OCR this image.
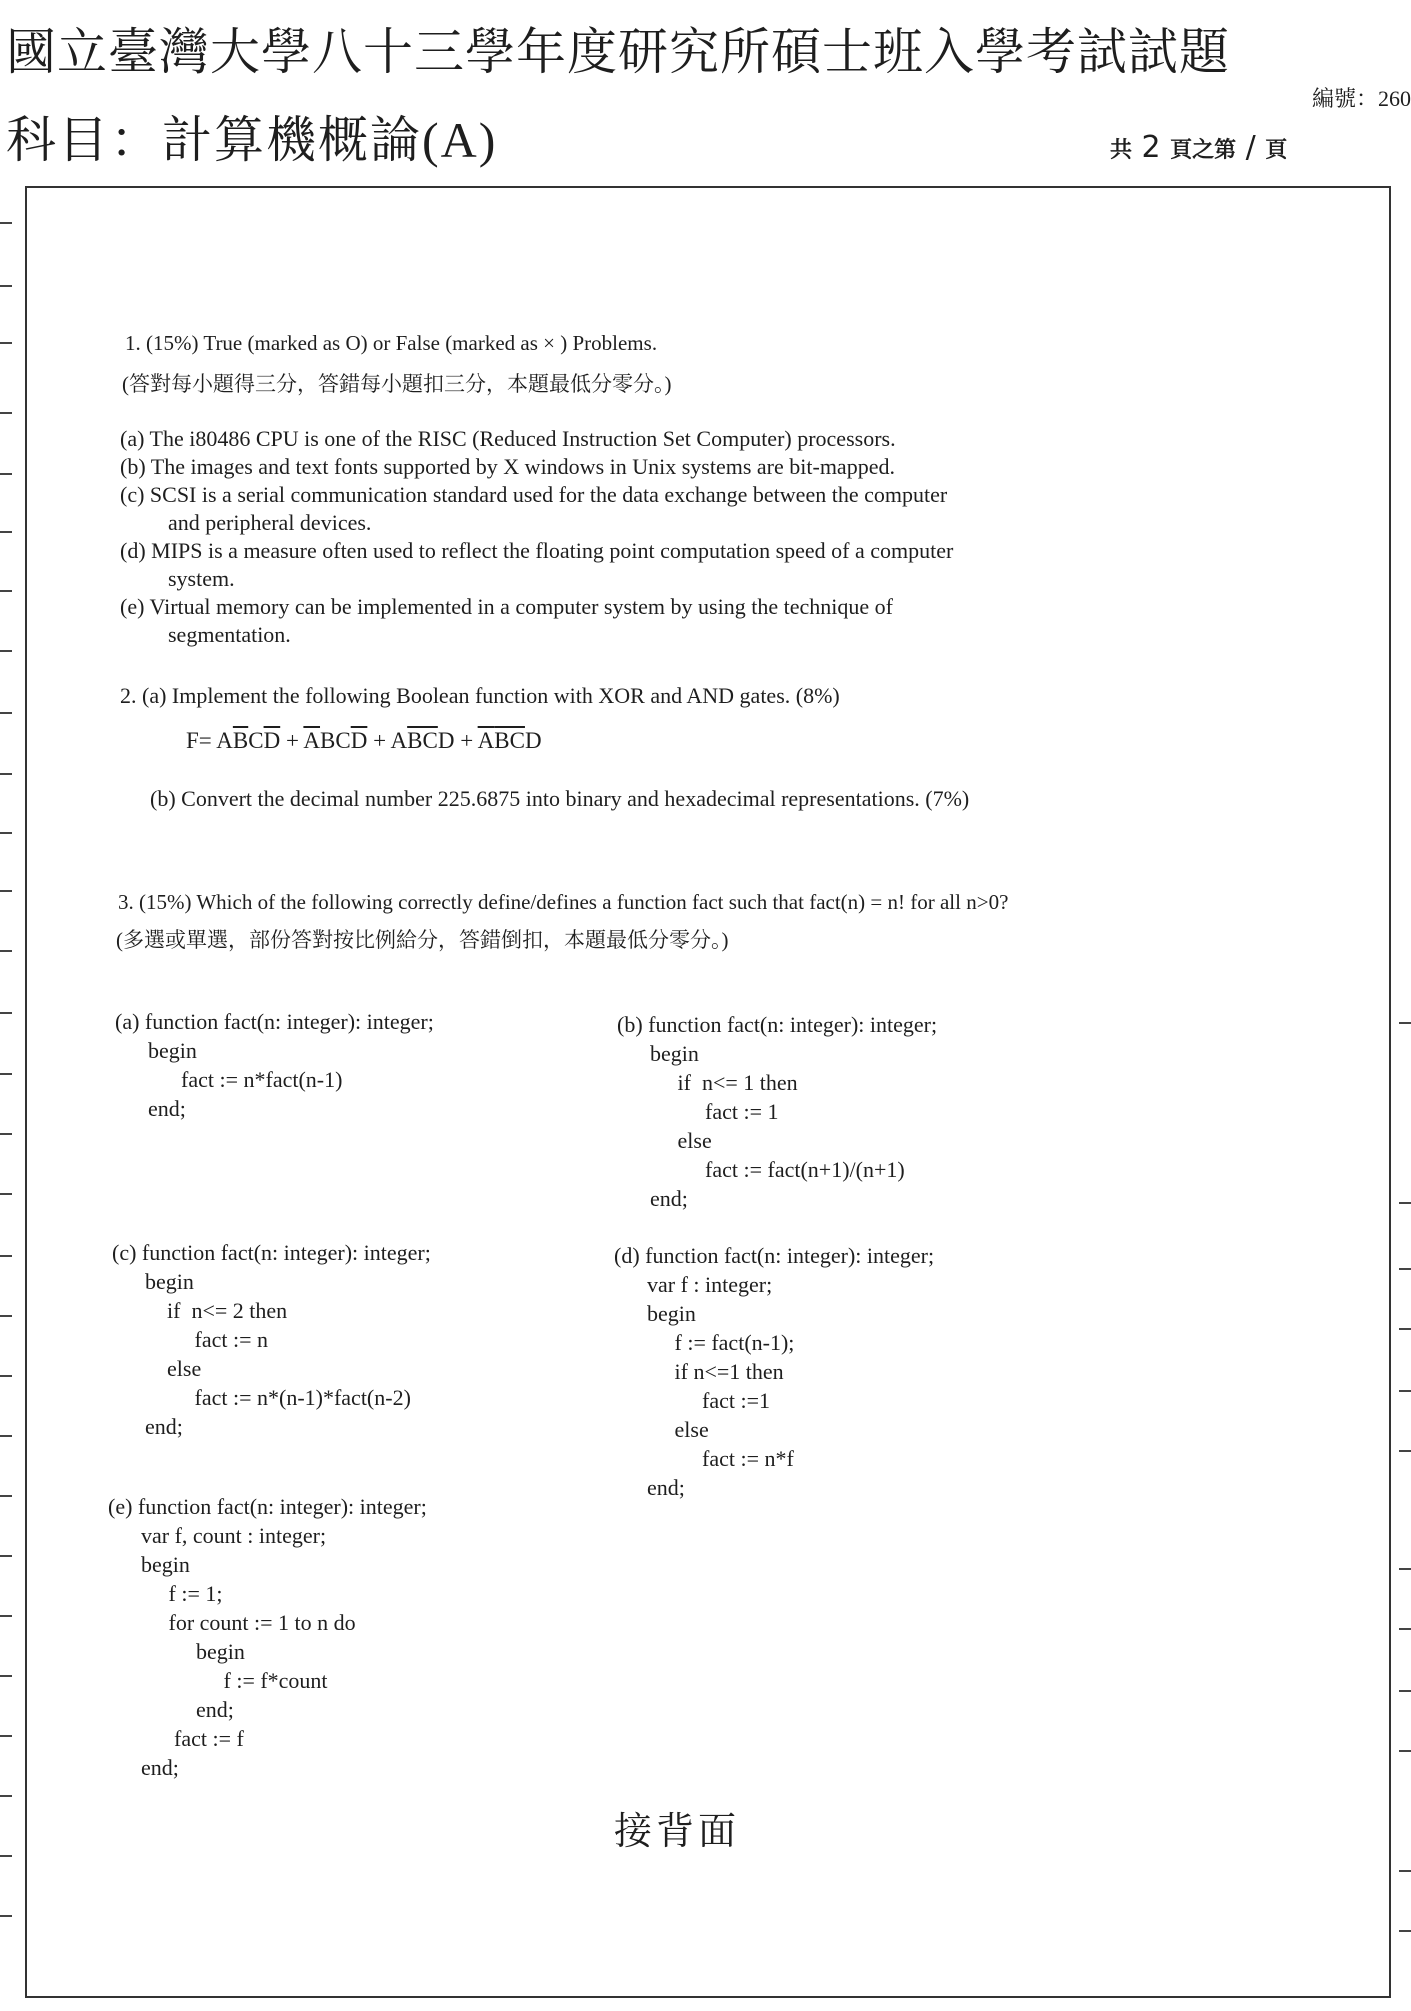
國立臺灣大學八十三學年度研究所碩士班入學考試試題
科目：計算機概論(A)
編號：260
共 2 頁之第 / 頁
1. (15%) True (marked as O) or False (marked as × ) Problems.
(答對每小題得三分，答錯每小題扣三分，本題最低分零分。)
(a) The i80486 CPU is one of the RISC (Reduced Instruction Set Computer) processors.
(b) The images and text fonts supported by X windows in Unix systems are bit-mapped.
(c) SCSI is a serial communication standard used for the data exchange between the computer
and peripheral devices.
(d) MIPS is a measure often used to reflect the floating point computation speed of a computer
system.
(e) Virtual memory can be implemented in a computer system by using the technique of
segmentation.
2. (a) Implement the following Boolean function with XOR and AND gates. (8%)
$F= A\overline{B}C\overline{D} + \overline{A}BC\overline{D} + A\overline{BC}D + \overline{A}\overline{BC}D$
(b) Convert the decimal number 225.6875 into binary and hexadecimal representations. (7%)
3. (15%) Which of the following correctly define/defines a function fact such that fact(n) = n! for all n>0?
(多選或單選，部份答對按比例給分，答錯倒扣，本題最低分零分。)
(a) function fact(n: integer): integer;
begin
fact := n*fact(n-1)
end;
(b) function fact(n: integer): integer;
begin
if  n<= 1 then
fact := 1
else
fact := fact(n+1)/(n+1)
end;
(c) function fact(n: integer): integer;
begin
if  n<= 2 then
fact := n
else
fact := n*(n-1)*fact(n-2)
end;
(d) function fact(n: integer): integer;
var f : integer;
begin
f := fact(n-1);
if n<=1 then
fact :=1
else
fact := n*f
end;
(e) function fact(n: integer): integer;
var f, count : integer;
begin
f := 1;
for count := 1 to n do
begin
f := f*count
end;
fact := f
end;
接背面
